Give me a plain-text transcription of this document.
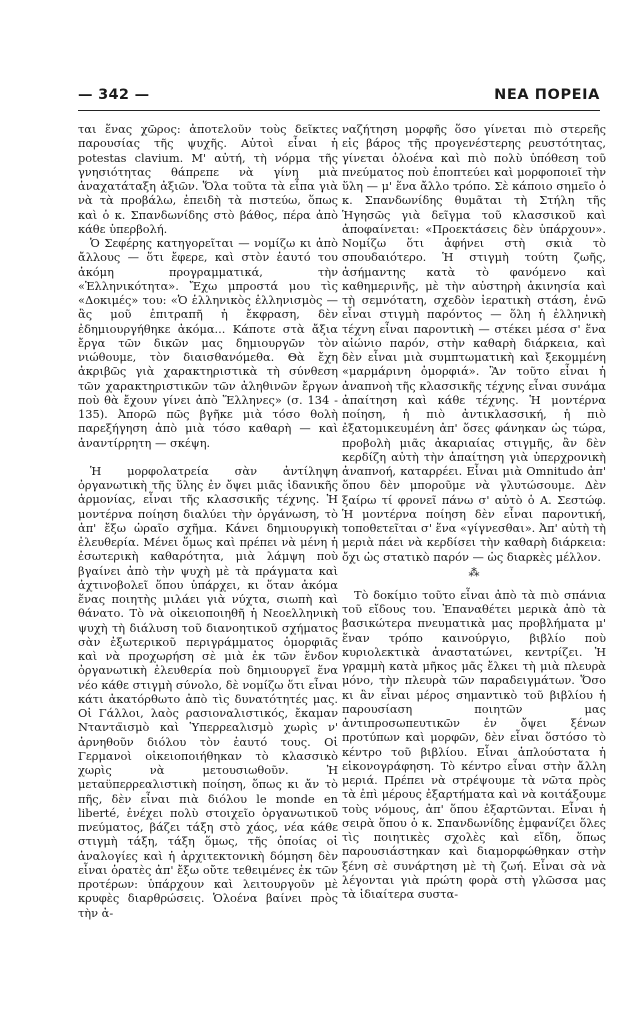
— 342 —	ΝΕΑ ΠΟΡΕΙΑ

ται ἕνας χῶρος: ἀποτελοῦν τοὺς δεῖκτες παρουσίας τῆς ψυχῆς. Αὐτοὶ εἶναι ἡ potestas clavium. Μ' αὐτή, τὴ νόρμα τῆς γνησιότητας θάπρεπε νὰ γίνη μιὰ ἀναχατάταξη ἀξιῶν. Ὅλα τοῦτα τὰ εἶπα γιὰ νὰ τὰ προβάλω, ἐπειδὴ τὰ πιστεύω, ὅπως καὶ ὁ κ. Σπανδωνίδης στὸ βάθος, πέρα ἀπὸ κάθε ὑπερβολή.

Ὁ Σεφέρης κατηγορεῖται — νομίζω κι ἀπὸ ἄλλους — ὅτι ἔφερε, καὶ στὸν ἑαυτό του ἀκόμη προγραμματικά, τὴν «Ἑλληνικότητα». Ἔχω μπροστά μου τὶς «Δοκιμές» του: «Ὁ ἑλληνικὸς ἑλληνισμὸς — ἂς μοῦ ἐπιτραπῆ ἡ ἔκφραση, δὲν ἐδημιουργήθηκε ἀκόμα... Κάποτε στὰ ἄξια ἔργα τῶν δικῶν μας δημιουργῶν τὸν νιώθουμε, τὸν διαισθανόμεθα. Θὰ ἔχη ἀκριβῶς γιὰ χαρακτηριστικὰ τὴ σύνθεση τῶν χαρακτηριστικῶν τῶν ἀληθινῶν ἔργων ποὺ θὰ ἔχουν γίνει ἀπὸ Ἕλληνες» (σ. 134 - 135). Ἀπορῶ πῶς βγῆκε μιὰ τόσο θολὴ παρεξήγηση ἀπὸ μιὰ τόσο καθαρὴ — καὶ ἀναντίρρητη — σκέψη.

Ἡ μορφολατρεία σὰν ἀντίληψη ὀργανωτικὴ τῆς ὕλης ἐν ὄψει μιᾶς ἰδανικῆς ἁρμονίας, εἶναι τῆς κλασσικῆς τέχνης. Ἡ μοντέρνα ποίηση διαλύει τὴν ὀργάνωση, τὸ ἀπ' ἔξω ὡραῖο σχῆμα. Κάνει δημιουργικὴ ἐλευθερία. Μένει ὅμως καὶ πρέπει νὰ μένη ἡ ἐσωτερικὴ καθαρότητα, μιὰ λάμψη ποὺ βγαίνει ἀπὸ τὴν ψυχὴ μὲ τὰ πράγματα καὶ ἀχτινοβολεῖ ὅπου ὑπάρχει, κι ὅταν ἀκόμα ἕνας ποιητὴς μιλάει γιὰ νύχτα, σιωπὴ καὶ θάνατο. Τὸ νὰ οἰκειοποιηθῆ ἡ Νεοελληνικὴ ψυχὴ τὴ διάλυση τοῦ διανοητικοῦ σχήματος σὰν ἐξωτερικοῦ περιγράμματος ὁμορφιᾶς καὶ νὰ προχωρήση σὲ μιὰ ἐκ τῶν ἔνδον ὀργανωτικὴ ἐλευθερία ποὺ δημιουργεῖ ἕνα νέο κάθε στιγμὴ σύνολο, δὲ νομίζω ὅτι εἶναι κάτι ἀκατόρθωτο ἀπὸ τὶς δυνατότητές μας. Οἱ Γάλλοι, λαὸς ρασιοναλιστικός, ἔκαμαν Νταντα̈ισμὸ καὶ Ὑπερρεαλισμὸ χωρὶς ν' ἀρνηθοῦν διόλου τὸν ἑαυτό τους. Οἱ Γερμανοὶ οἰκειοποιήθηκαν τὸ κλασσικὸ χωρὶς νὰ μετουσιωθοῦν. Ἡ μεταϋπερρεαλιστικὴ ποίηση, ὅπως κι ἄν τὸ πῆς, δὲν εἶναι πιὰ διόλου le monde en liberté, ἐνέχει πολὺ στοιχεῖο ὀργανωτικοῦ πνεύματος, βάζει τάξη στὸ χάος, νέα κάθε στιγμὴ τάξη, τάξη ὅμως, τῆς ὁποίας οἱ ἀναλογίες καὶ ἡ ἀρχιτεκτονικὴ δόμηση δὲν εἶναι ὁρατὲς ἀπ' ἔξω οὔτε τεθειμένες ἐκ τῶν προτέρων: ὑπάρχουν καὶ λειτουργοῦν μὲ κρυφὲς διαρθρώσεις. Ὁλοένα βαίνει πρὸς τὴν ἀ-

ναζήτηση μορφῆς ὅσο γίνεται πιὸ στερεῆς εἰς βάρος τῆς προγενέστερης ρευστότητας, γίνεται ὁλοένα καὶ πιὸ πολὺ ὑπόθεση τοῦ πνεύματος ποὺ ἐποπτεύει καὶ μορφοποιεῖ τὴν ὕλη — μ' ἕνα ἄλλο τρόπο. Σὲ κάποιο σημεῖο ὁ κ. Σπανδωνίδης θυμᾶται τὴ Στήλη τῆς Ἡγησῶς γιὰ δεῖγμα τοῦ κλασσικοῦ καὶ ἀποφαίνεται: «Προεκτάσεις δὲν ὑπάρχουν». Νομίζω ὅτι ἀφήνει στὴ σκιὰ τὸ σπουδαιότερο. Ἡ στιγμὴ τούτη ζωῆς, ἀσήμαντης κατὰ τὸ φανόμενο καὶ καθημερινῆς, μὲ τὴν αὐστηρὴ ἀκινησία καὶ τὴ σεμνότατη, σχεδὸν ἱερατικὴ στάση, ἐνῶ εἶναι στιγμὴ παρόντος — ὅλη ἡ ἑλληνικὴ τέχνη εἶναι παροντικὴ — στέκει μέσα σ' ἕνα αἰώνιο παρόν, στὴν καθαρὴ διάρκεια, καὶ δὲν εἶναι μιὰ συμπτωματικὴ καὶ ξεκομμένη «μαρμάρινη ὁμορφιά». Ἂν τοῦτο εἶναι ἡ ἀναπνοὴ τῆς κλασσικῆς τέχνης εἶναι συνάμα ἀπαίτηση καὶ κάθε τέχνης. Ἡ μοντέρνα ποίηση, ἡ πιὸ ἀντικλασσική, ἡ πιὸ ἐξατομικευμένη ἀπ' ὅσες φάνηκαν ὡς τώρα, προβολὴ μιᾶς ἀκαριαίας στιγμῆς, ἂν δὲν κερδίζη αὐτὴ τὴν ἀπαίτηση γιὰ ὑπερχρονικὴ ἀναπνοή, καταρρέει. Εἶναι μιὰ Omnitudo ἀπ' ὅπου δὲν μποροῦμε νὰ γλυτώσουμε. Δὲν ξαίρω τί φρονεῖ πάνω σ' αὐτὸ ὁ Α. Σεστώφ. Ἡ μοντέρνα ποίηση δὲν εἶναι παροντική, τοποθετεῖται σ' ἕνα «γίγνεσθαι». Ἀπ' αὐτὴ τὴ μεριὰ πάει νὰ κερδίσει τὴν καθαρὴ διάρκεια: ὄχι ὡς στατικὸ παρόν — ὡς διαρκὲς μέλλον.

⁂

Τὸ δοκίμιο τοῦτο εἶναι ἀπὸ τὰ πιὸ σπάνια τοῦ εἴδους του. Ἐπαναθέτει μερικὰ ἀπὸ τὰ βασικώτερα πνευματικὰ μας προβλήματα μ' ἕναν τρόπο καινούργιο, βιβλίο ποὺ κυριολεκτικὰ ἀναστατώνει, κεντρίζει. Ἡ γραμμὴ κατὰ μῆκος μᾶς ἔλκει τὴ μιὰ πλευρὰ μόνο, τὴν πλευρὰ τῶν παραδειγμάτων. Ὅσο κι ἂν εἶναι μέρος σημαντικὸ τοῦ βιβλίου ἡ παρουσίαση ποιητῶν μας ἀντιπροσωπευτικῶν ἐν ὄψει ξένων προτύπων καὶ μορφῶν, δὲν εἶναι ὅστόσο τὸ κέντρο τοῦ βιβλίου. Εἶναι ἁπλούστατα ἡ εἰκονογράφηση. Τὸ κέντρο εἶναι στὴν ἄλλη μεριά. Πρέπει νὰ στρέψουμε τὰ νῶτα πρὸς τὰ ἐπὶ μέρους ἐξαρτήματα καὶ νὰ κοιτάξουμε τοὺς νόμους, ἀπ' ὅπου ἐξαρτῶνται. Εἶναι ἡ σειρὰ ὅπου ὁ κ. Σπανδωνίδης ἐμφανίζει ὅλες τὶς ποιητικὲς σχολὲς καὶ εἴδη, ὅπως παρουσιάστηκαν καὶ διαμορφώθηκαν στὴν ξένη σὲ συνάρτηση μὲ τὴ ζωή. Εἶναι σὰ νὰ λέγονται γιὰ πρώτη φορὰ στὴ γλῶσσα μας τὰ ἰδιαίτερα συστα-
